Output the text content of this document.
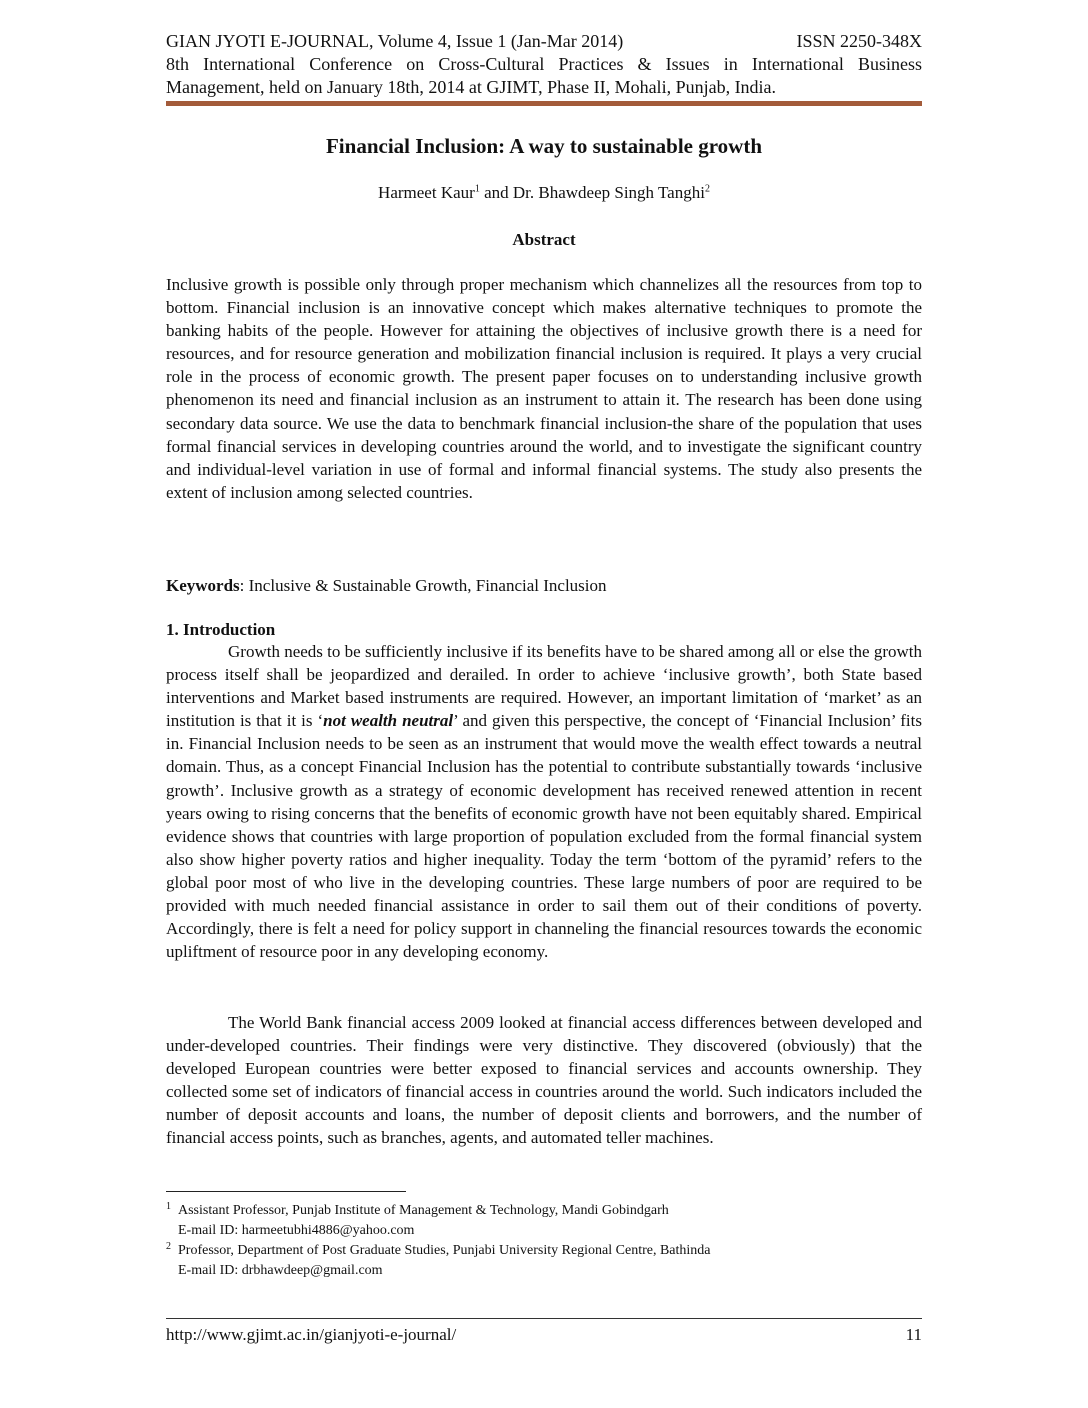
GIAN JYOTI E-JOURNAL, Volume 4, Issue 1 (Jan-Mar 2014)	ISSN 2250-348X
8th International Conference on Cross-Cultural Practices & Issues in International Business
Management, held on January 18th, 2014 at GJIMT, Phase II, Mohali, Punjab, India.
Financial Inclusion: A way to sustainable growth
Harmeet Kaur$^1$ and Dr. Bhawdeep Singh Tanghi$^2$
Abstract
Inclusive growth is possible only through proper mechanism which channelizes all the resources from top to bottom. Financial inclusion is an innovative concept which makes alternative techniques to promote the banking habits of the people. However for attaining the objectives of inclusive growth there is a need for resources, and for resource generation and mobilization financial inclusion is required. It plays a very crucial role in the process of economic growth. The present paper focuses on to understanding inclusive growth phenomenon its need and financial inclusion as an instrument to attain it. The research has been done using secondary data source. We use the data to benchmark financial inclusion-the share of the population that uses formal financial services in developing countries around the world, and to investigate the significant country and individual-level variation in use of formal and informal financial systems. The study also presents the extent of inclusion among selected countries.
Keywords: Inclusive & Sustainable Growth, Financial Inclusion
1. Introduction
Growth needs to be sufficiently inclusive if its benefits have to be shared among all or else the growth process itself shall be jeopardized and derailed. In order to achieve ‘inclusive growth’, both State based interventions and Market based instruments are required. However, an important limitation of ‘market’ as an institution is that it is ‘not wealth neutral’ and given this perspective, the concept of ‘Financial Inclusion’ fits in. Financial Inclusion needs to be seen as an instrument that would move the wealth effect towards a neutral domain. Thus, as a concept Financial Inclusion has the potential to contribute substantially towards ‘inclusive growth’. Inclusive growth as a strategy of economic development has received renewed attention in recent years owing to rising concerns that the benefits of economic growth have not been equitably shared. Empirical evidence shows that countries with large proportion of population excluded from the formal financial system also show higher poverty ratios and higher inequality. Today the term ‘bottom of the pyramid’ refers to the global poor most of who live in the developing countries. These large numbers of poor are required to be provided with much needed financial assistance in order to sail them out of their conditions of poverty. Accordingly, there is felt a need for policy support in channeling the financial resources towards the economic upliftment of resource poor in any developing economy.
The World Bank financial access 2009 looked at financial access differences between developed and under-developed countries. Their findings were very distinctive. They discovered (obviously) that the developed European countries were better exposed to financial services and accounts ownership. They collected some set of indicators of financial access in countries around the world. Such indicators included the number of deposit accounts and loans, the number of deposit clients and borrowers, and the number of financial access points, such as branches, agents, and automated teller machines.
1 Assistant Professor, Punjab Institute of Management & Technology, Mandi Gobindgarh
E-mail ID: harmeetubhi4886@yahoo.com
2 Professor, Department of Post Graduate Studies, Punjabi University Regional Centre, Bathinda
E-mail ID: drbhawdeep@gmail.com
http://www.gjimt.ac.in/gianjyoti-e-journal/	11
